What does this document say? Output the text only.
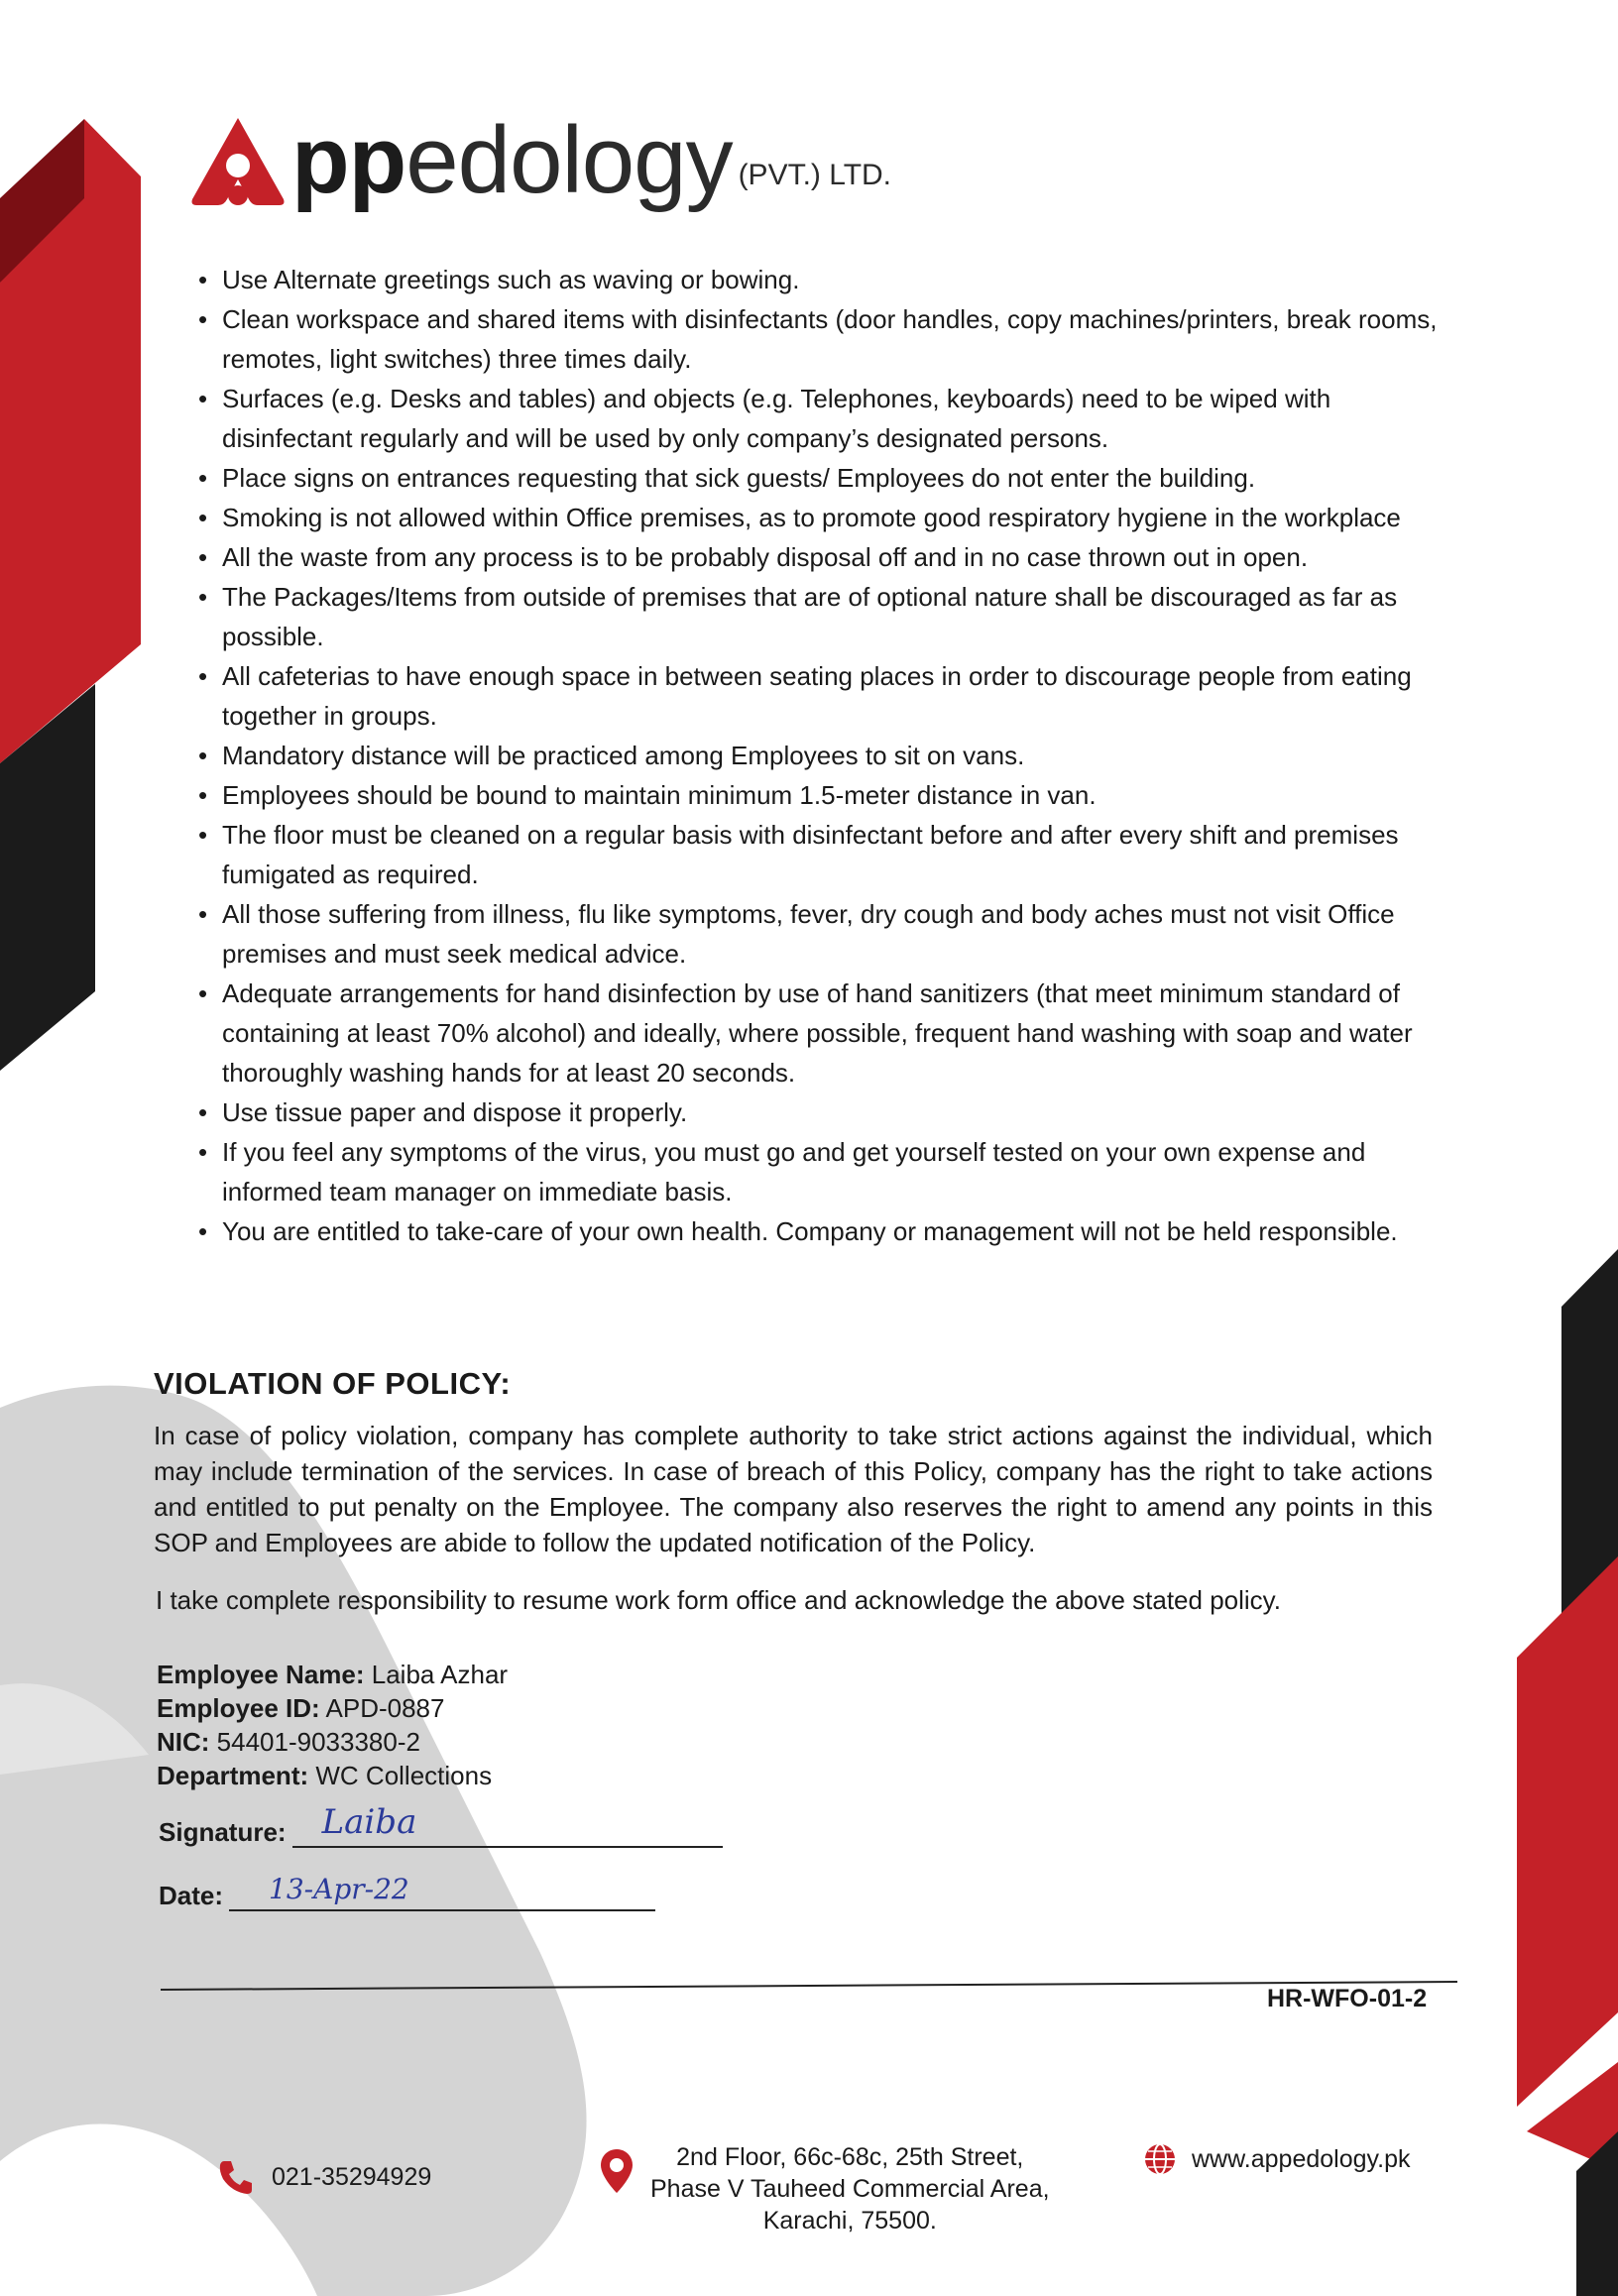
ppedology (PVT.) LTD.
• Use Alternate greetings such as waving or bowing.
• Clean workspace and shared items with disinfectants (door handles, copy machines/printers, break rooms, remotes, light switches) three times daily.
• Surfaces (e.g. Desks and tables) and objects (e.g. Telephones, keyboards) need to be wiped with disinfectant regularly and will be used by only company’s designated persons.
• Place signs on entrances requesting that sick guests/ Employees do not enter the building.
• Smoking is not allowed within Office premises, as to promote good respiratory hygiene in the workplace
• All the waste from any process is to be probably disposal off and in no case thrown out in open.
• The Packages/Items from outside of premises that are of optional nature shall be discouraged as far as possible.
• All cafeterias to have enough space in between seating places in order to discourage people from eating together in groups.
• Mandatory distance will be practiced among Employees to sit on vans.
• Employees should be bound to maintain minimum 1.5-meter distance in van.
• The floor must be cleaned on a regular basis with disinfectant before and after every shift and premises fumigated as required.
• All those suffering from illness, flu like symptoms, fever, dry cough and body aches must not visit Office premises and must seek medical advice.
• Adequate arrangements for hand disinfection by use of hand sanitizers (that meet minimum standard of containing at least 70% alcohol) and ideally, where possible, frequent hand washing with soap and water thoroughly washing hands for at least 20 seconds.
• Use tissue paper and dispose it properly.
• If you feel any symptoms of the virus, you must go and get yourself tested on your own expense and informed team manager on immediate basis.
• You are entitled to take-care of your own health. Company or management will not be held responsible.
VIOLATION OF POLICY:

In case of policy violation, company has complete authority to take strict actions against the individual, which may include termination of the services. In case of breach of this Policy, company has the right to take actions and entitled to put penalty on the Employee. The company also reserves the right to amend any points in this SOP and Employees are abide to follow the updated notification of the Policy.

I take complete responsibility to resume work form office and acknowledge the above stated policy.

Employee Name: Laiba Azhar
Employee ID: APD-0887
NIC: 54401-9033380-2
Department: WC Collections
Signature: Laiba
Date: 13-Apr-22
HR-WFO-01-2
021-35294929
2nd Floor, 66c-68c, 25th Street,
Phase V Tauheed Commercial Area,
Karachi, 75500.
www.appedology.pk
